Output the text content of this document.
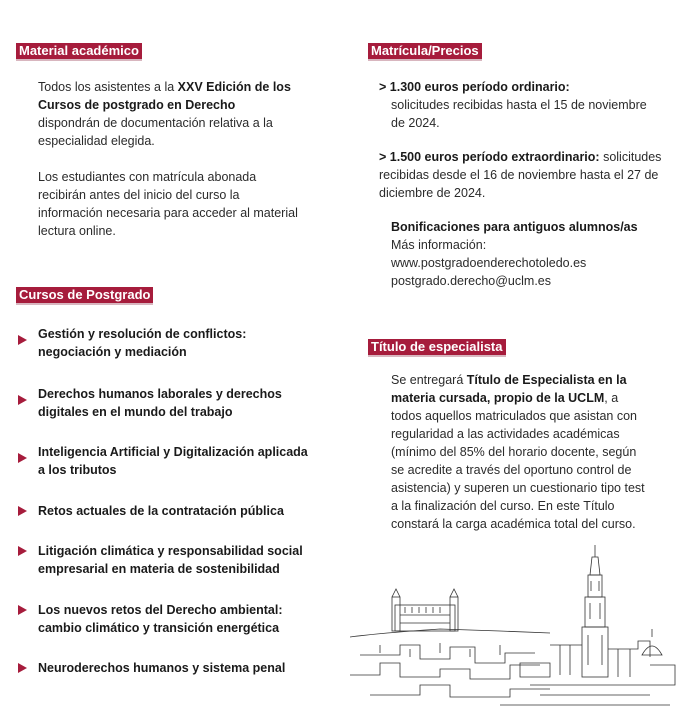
Material académico

Todos los asistentes a la XXV Edición de los Cursos de postgrado en Derecho dispondrán de documentación relativa a la especialidad elegida.

Los estudiantes con matrícula abonada recibirán antes del inicio del curso la información necesaria para acceder al material lectura online.

Cursos de Postgrado
Gestión y resolución de conflictos: negociación y mediación
Derechos humanos laborales y derechos digitales en el mundo del trabajo
Inteligencia Artificial y Digitalización aplicada a los tributos
Retos actuales de la contratación pública
Litigación climática y responsabilidad social empresarial en materia de sostenibilidad
Los nuevos retos del Derecho ambiental: cambio climático y transición energética
Neuroderechos humanos y sistema penal
Matrícula/Precios
> 1.300 euros período ordinario:
solicitudes recibidas hasta el 15 de noviembre de 2024.
> 1.500 euros período extraordinario: solicitudes recibidas desde el 16 de noviembre hasta el 27 de diciembre de 2024.
Bonificaciones para antiguos alumnos/as
Más información:
www.postgradoenderechotoledo.es
postgrado.derecho@uclm.es
Título de especialista

Se entregará Título de Especialista en la materia cursada, propio de la UCLM, a todos aquellos matriculados que asistan con regularidad a las actividades académicas (mínimo del 85% del horario docente, según se acredite a través del oportuno control de asistencia) y superen un cuestionario tipo test a la finalización del curso. En este Título constará la carga académica total del curso.
